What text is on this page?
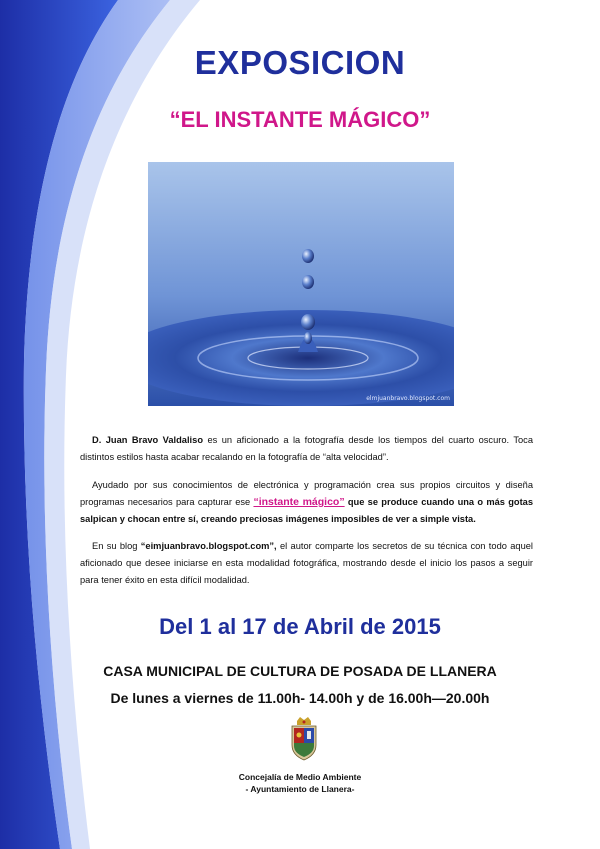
EXPOSICION
“EL INSTANTE MÁGICO”
elmjuanbravo.blogspot.com
D. Juan Bravo Valdaliso es un aficionado a la fotografía desde los tiempos del cuarto oscuro. Toca distintos estilos hasta acabar recalando en la fotografía de “alta velocidad”.
Ayudado por sus conocimientos de electrónica y programación crea sus propios circuitos y diseña programas necesarios para capturar ese “instante mágico” que se produce cuando una o más gotas salpican y chocan entre sí, creando preciosas imágenes imposibles de ver a simple vista.
En su blog “eimjuanbravo.blogspot.com”, el autor comparte los secretos de su técnica con todo aquel aficionado que desee iniciarse en esta modalidad fotográfica, mostrando desde el inicio los pasos a seguir para tener éxito en esta difícil modalidad.
Del 1 al 17 de Abril de 2015
CASA MUNICIPAL DE CULTURA DE POSADA DE LLANERA
De lunes a viernes de 11.00h- 14.00h y de 16.00h—20.00h
Concejalía de Medio Ambiente
- Ayuntamiento de Llanera-
